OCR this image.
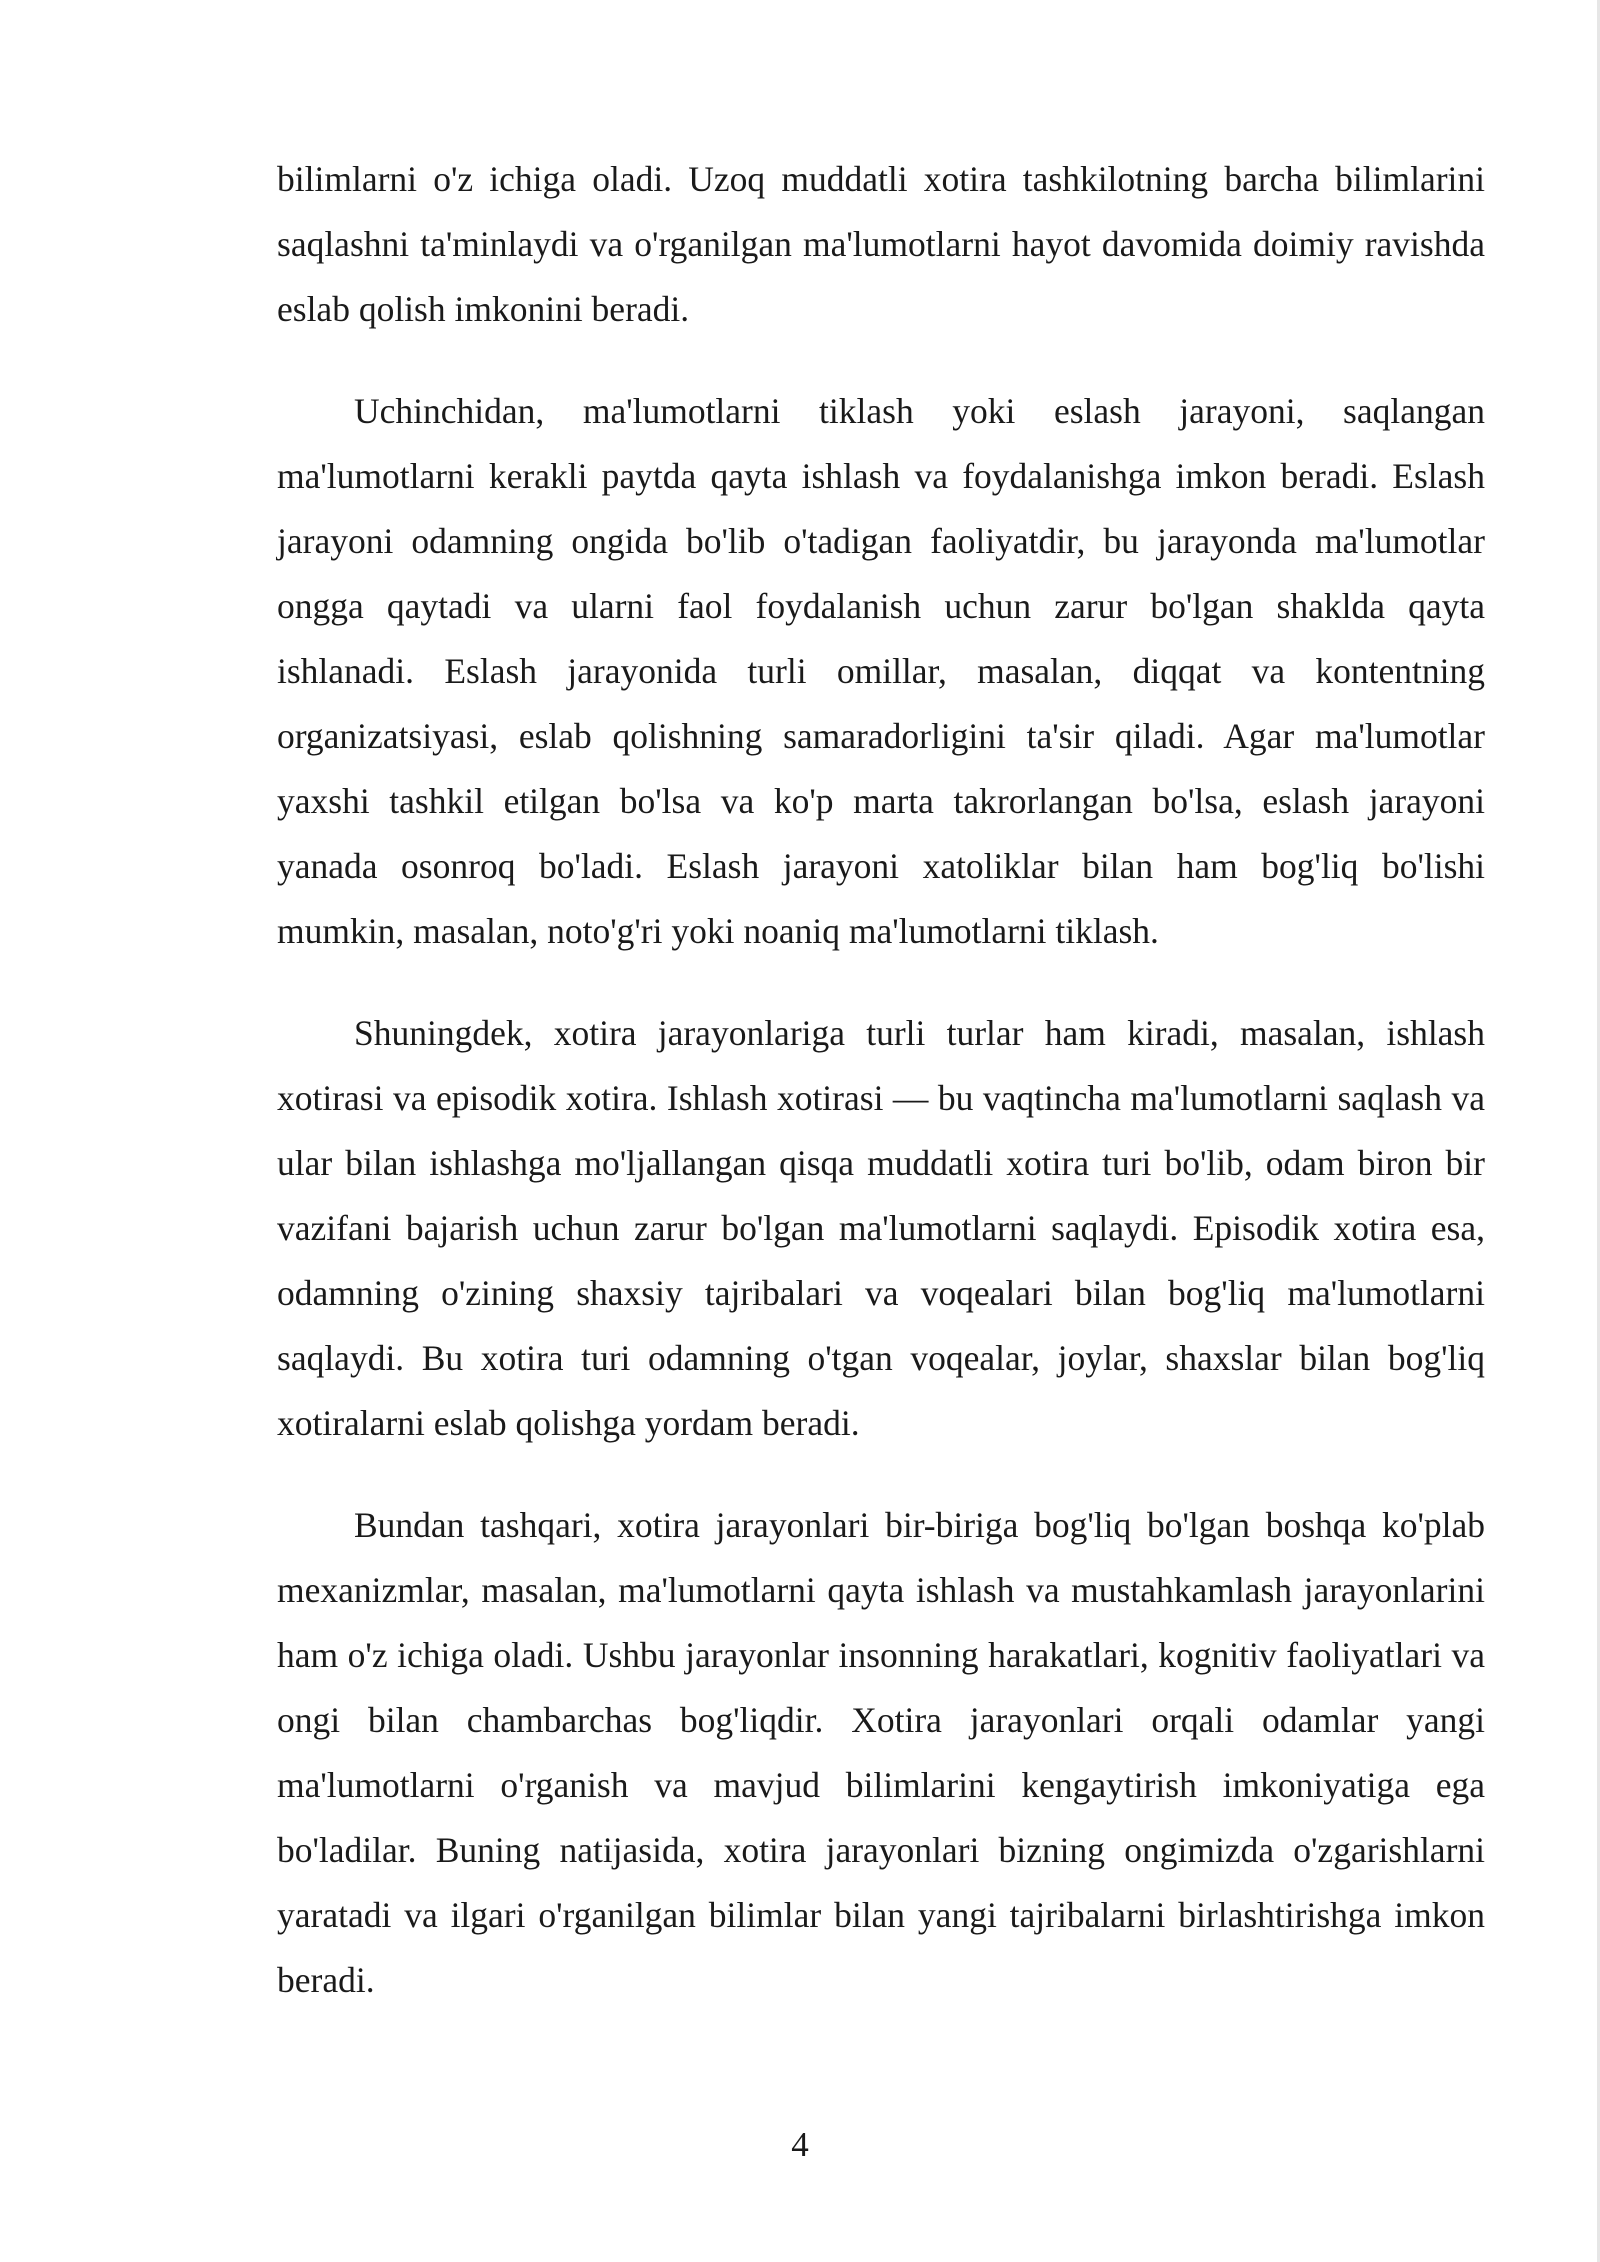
bilimlarni o'z ichiga oladi. Uzoq muddatli xotira tashkilotning barcha bilimlarini saqlashni ta'minlaydi va o'rganilgan ma'lumotlarni hayot davomida doimiy ravishda eslab qolish imkonini beradi.

Uchinchidan, ma'lumotlarni tiklash yoki eslash jarayoni, saqlangan ma'lumotlarni kerakli paytda qayta ishlash va foydalanishga imkon beradi. Eslash jarayoni odamning ongida bo'lib o'tadigan faoliyatdir, bu jarayonda ma'lumotlar ongga qaytadi va ularni faol foydalanish uchun zarur bo'lgan shaklda qayta ishlanadi. Eslash jarayonida turli omillar, masalan, diqqat va kontentning organizatsiyasi, eslab qolishning samaradorligini ta'sir qiladi. Agar ma'lumotlar yaxshi tashkil etilgan bo'lsa va ko'p marta takrorlangan bo'lsa, eslash jarayoni yanada osonroq bo'ladi. Eslash jarayoni xatoliklar bilan ham bog'liq bo'lishi mumkin, masalan, noto'g'ri yoki noaniq ma'lumotlarni tiklash.

Shuningdek, xotira jarayonlariga turli turlar ham kiradi, masalan, ishlash xotirasi va episodik xotira. Ishlash xotirasi — bu vaqtincha ma'lumotlarni saqlash va ular bilan ishlashga mo'ljallangan qisqa muddatli xotira turi bo'lib, odam biron bir vazifani bajarish uchun zarur bo'lgan ma'lumotlarni saqlaydi. Episodik xotira esa, odamning o'zining shaxsiy tajribalari va voqealari bilan bog'liq ma'lumotlarni saqlaydi. Bu xotira turi odamning o'tgan voqealar, joylar, shaxslar bilan bog'liq xotiralarni eslab qolishga yordam beradi.

Bundan tashqari, xotira jarayonlari bir-biriga bog'liq bo'lgan boshqa ko'plab mexanizmlar, masalan, ma'lumotlarni qayta ishlash va mustahkamlash jarayonlarini ham o'z ichiga oladi. Ushbu jarayonlar insonning harakatlari, kognitiv faoliyatlari va ongi bilan chambarchas bog'liqdir. Xotira jarayonlari orqali odamlar yangi ma'lumotlarni o'rganish va mavjud bilimlarini kengaytirish imkoniyatiga ega bo'ladilar. Buning natijasida, xotira jarayonlari bizning ongimizda o'zgarishlarni yaratadi va ilgari o'rganilgan bilimlar bilan yangi tajribalarni birlashtirishga imkon beradi.

4
